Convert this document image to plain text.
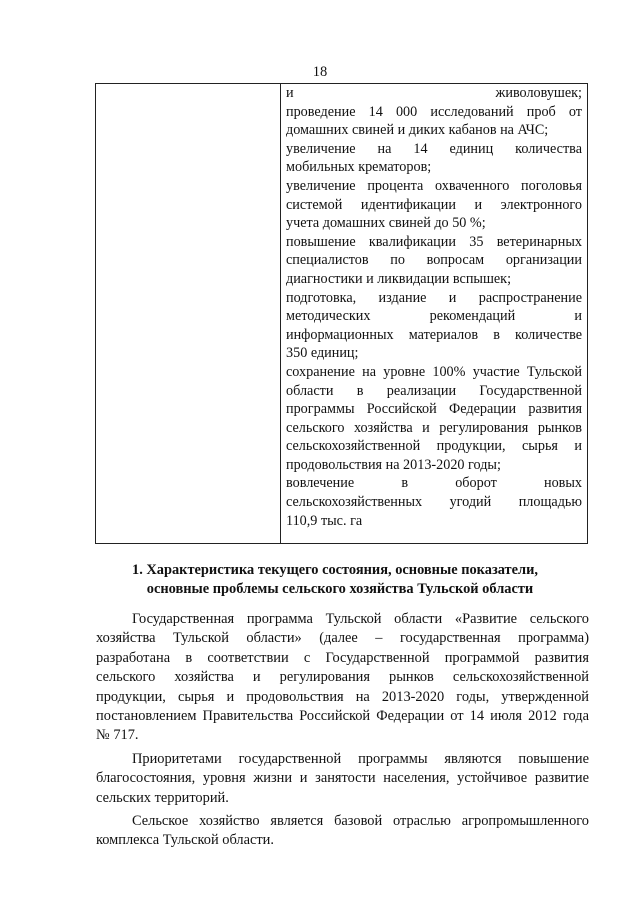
18

и живоловушек;
проведение 14 000 исследований проб от
домашних свиней и диких кабанов на АЧС;
увеличение на 14 единиц количества
мобильных крематоров;
увеличение процента охваченного поголовья
системой идентификации и электронного
учета домашних свиней до 50 %;
повышение квалификации 35 ветеринарных
специалистов по вопросам организации
диагностики и ликвидации вспышек;
подготовка, издание и распространение
методических рекомендаций и
информационных материалов в количестве
350 единиц;
сохранение на уровне 100% участие Тульской
области в реализации Государственной
программы Российской Федерации развития
сельского хозяйства и регулирования рынков
сельскохозяйственной продукции, сырья и
продовольствия на 2013-2020 годы;
вовлечение в оборот новых
сельскохозяйственных угодий площадью
110,9 тыс. га
1. Характеристика текущего состояния, основные показатели,
основные проблемы сельского хозяйства Тульской области
Государственная программа Тульской области «Развитие сельского
хозяйства Тульской области» (далее – государственная программа)
разработана в соответствии с Государственной программой развития
сельского хозяйства и регулирования рынков сельскохозяйственной
продукции, сырья и продовольствия на 2013-2020 годы, утвержденной
постановлением Правительства Российской Федерации от 14 июля 2012 года
№ 717.
Приоритетами государственной программы являются повышение
благосостояния, уровня жизни и занятости населения, устойчивое развитие
сельских территорий.
Сельское хозяйство является базовой отраслью агропромышленного
комплекса Тульской области.
